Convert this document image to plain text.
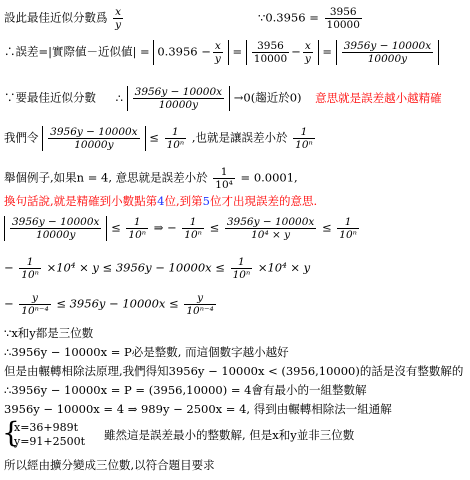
設此最佳近似分數爲 $\frac{x}{y}$	∵0.3956 = $\frac{3956}{10000}$
∴誤差=|實際値－近似値| = $0.3956 - \frac{x}{y} = \frac{3956}{10000} - \frac{x}{y} = \frac{3956y - 10000x}{10000y}$
∵要最佳近似分數 ∴ $\frac{3956y - 10000x}{10000y} \to 0$(趨近於0) 意思就是誤差越小越精確
我們令 $\frac{3956y - 10000x}{10000y} \le \frac{1}{\text{10ⁿ}}$ ,也就是讓誤差小於 $\frac{1}{\text{10ⁿ}}$
舉個例子,如果n = 4, 意思就是誤差小於 $\frac{1}{\text{10⁴}} = 0.0001$,
換句話說,就是精確到小數點第4位,到第5位才出現誤差的意思.
$\frac{3956y - 10000x}{10000y} \le \frac{1}{\text{10ⁿ}}$ ⇒ − $\frac{1}{\text{10ⁿ}} \le \frac{3956y - 10000x}{\text{10⁴ × y}} \le \frac{1}{\text{10ⁿ}}$
− $\frac{1}{\text{10ⁿ}} \times 10^4 \times y \le 3956y - 10000x \le \frac{1}{\text{10ⁿ}} \times 10^4 \times y$
− $\frac{y}{\text{10ⁿ⁻⁴}} \le 3956y - 10000x \le \frac{y}{\text{10ⁿ⁻⁴}}$
∵x和y都是三位數
∴3956y − 10000x = P必是整數, 而這個數字越小越好
但是由輾轉相除法原理,我們得知3956y − 10000x < (3956,10000)的話是沒有整數解的
∴3956y − 10000x = P = (3956,10000) = 4會有最小的一組整數解
3956y − 10000x = 4 ⇒ 989y − 2500x = 4, 得到由輾轉相除法一組通解
{
x=36+989t
y=91+2500t 雖然這是誤差最小的整數解, 但是x和y並非三位數
所以經由擴分變成三位數,以符合題目要求
